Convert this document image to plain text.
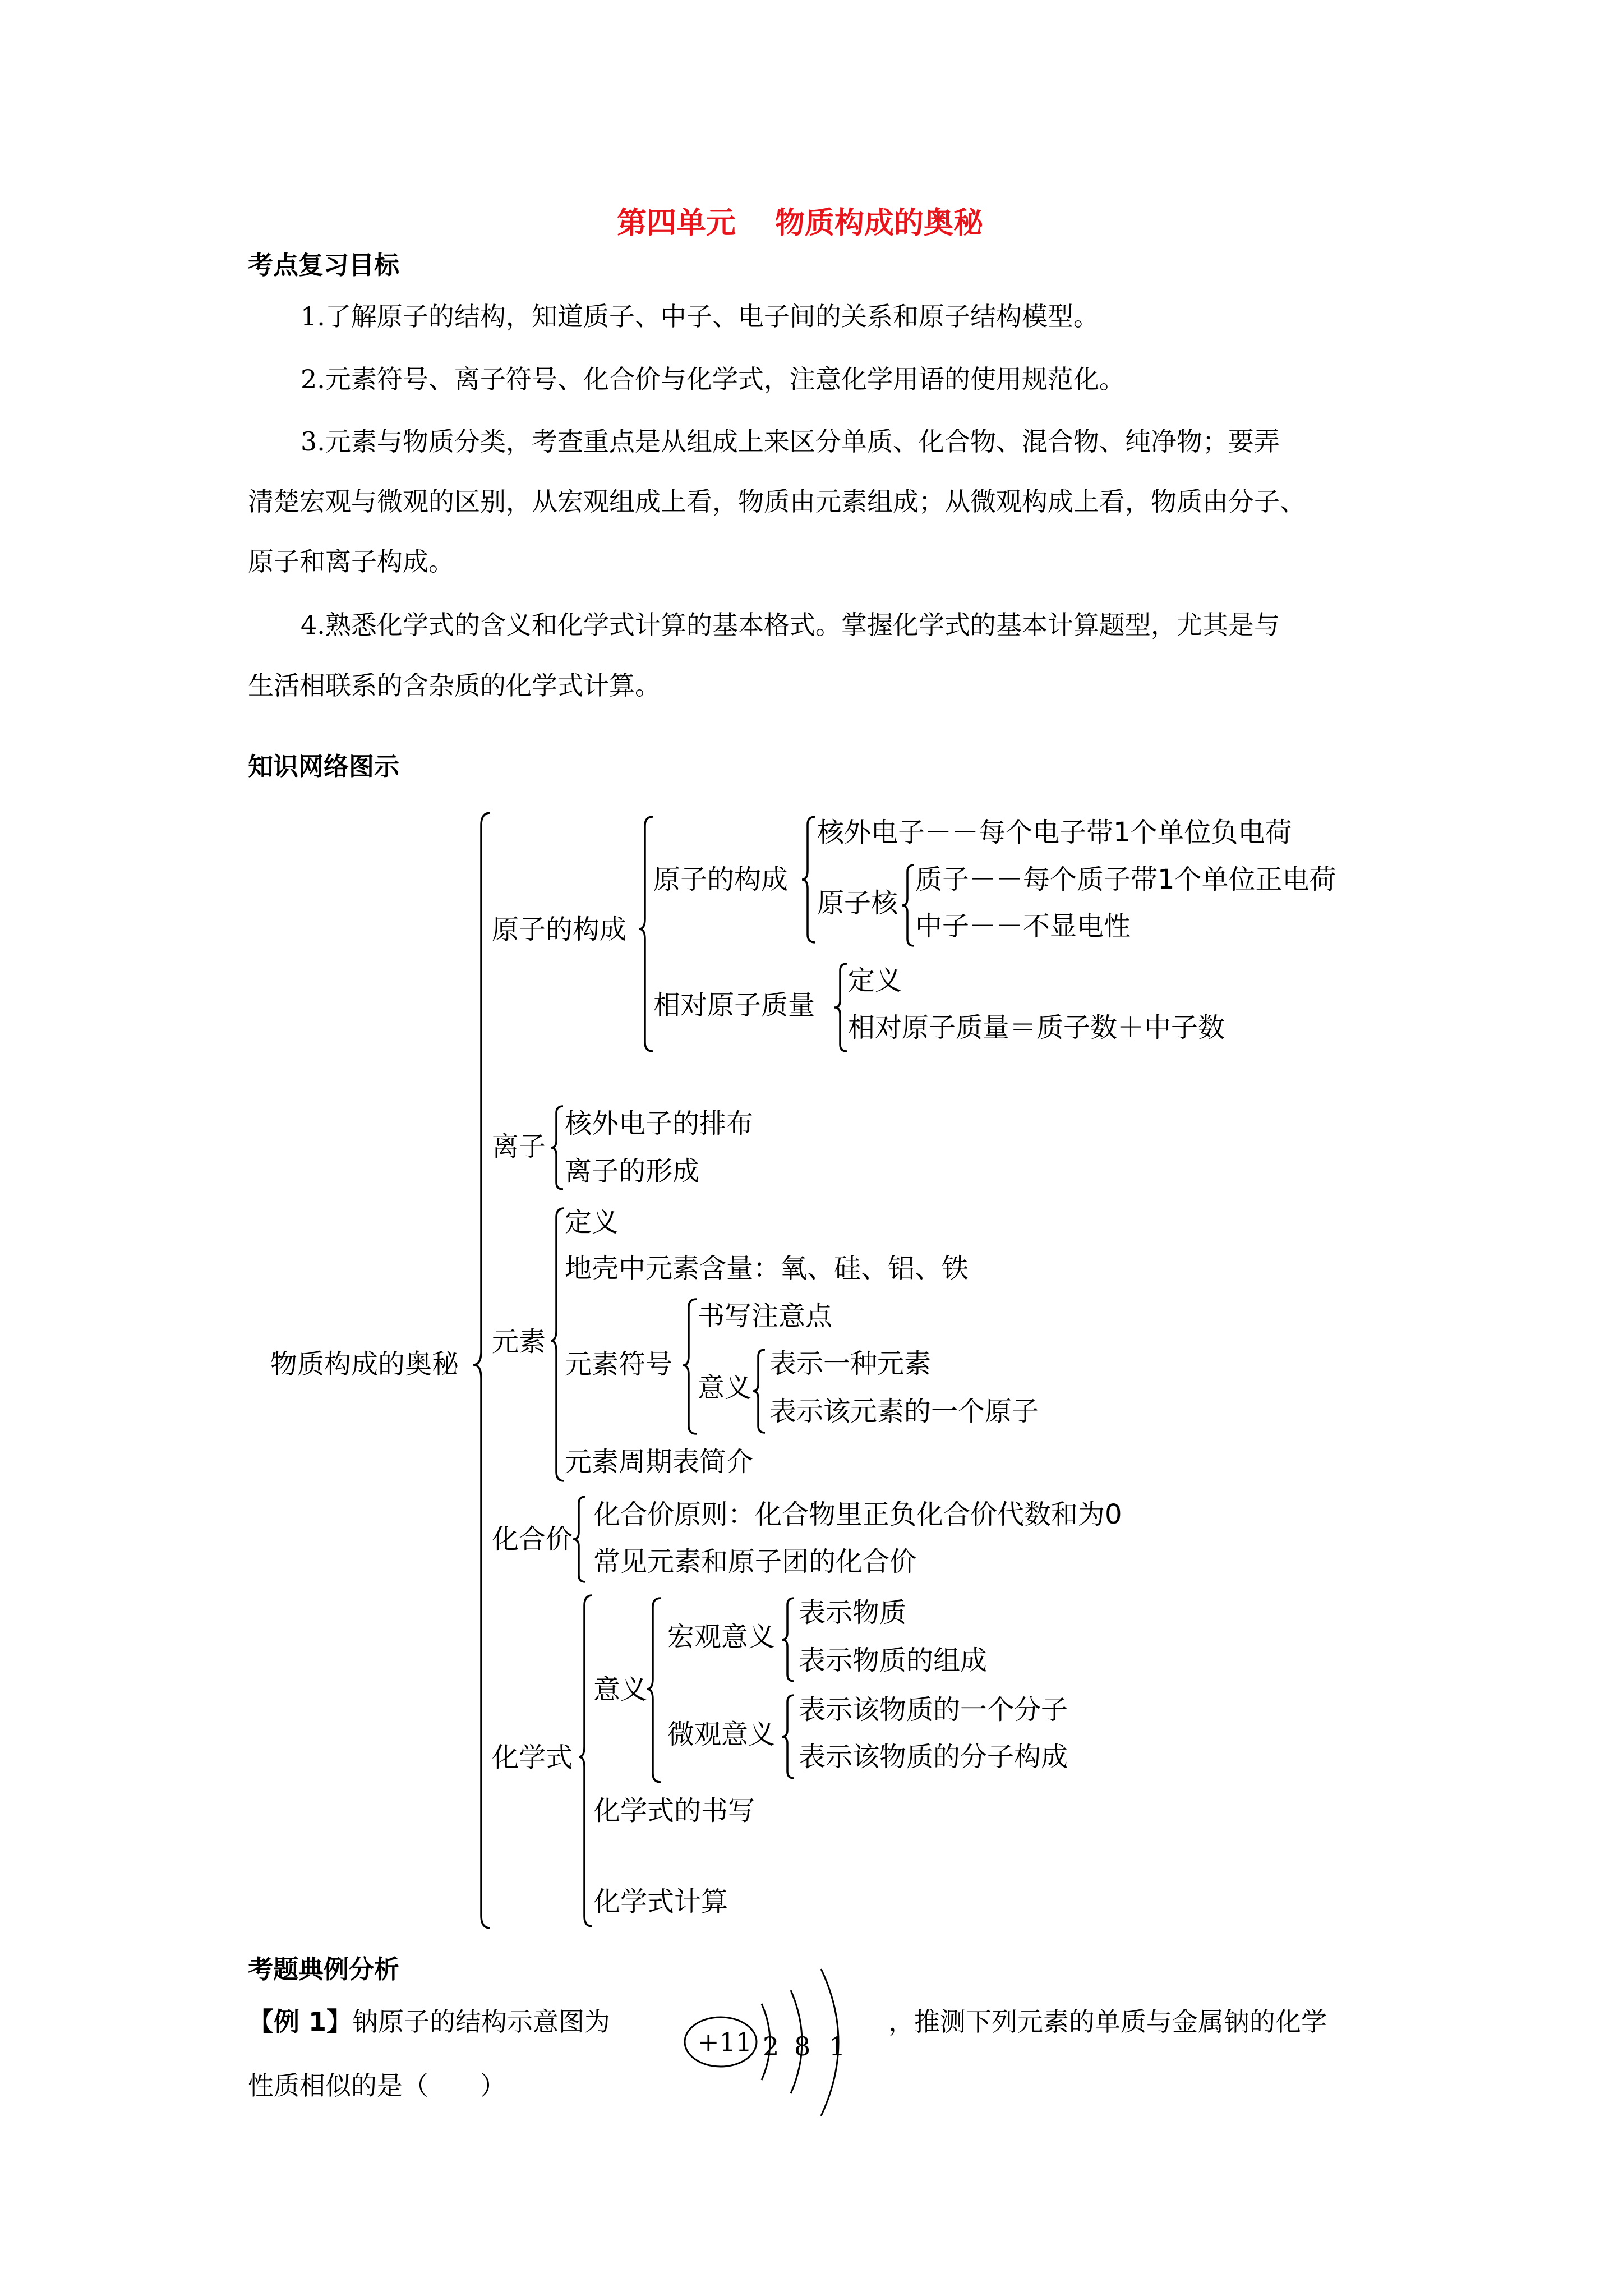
第四单元 物质构成的奥秘
考点复习目标
1.了解原子的结构，知道质子、中子、电子间的关系和原子结构模型。
2.元素符号、离子符号、化合价与化学式，注意化学用语的使用规范化。
3.元素与物质分类，考查重点是从组成上来区分单质、化合物、混合物、纯净物；要弄
清楚宏观与微观的区别，从宏观组成上看，物质由元素组成；从微观构成上看，物质由分子、
原子和离子构成。
4.熟悉化学式的含义和化学式计算的基本格式。掌握化学式的基本计算题型，尤其是与
生活相联系的含杂质的化学式计算。
知识网络图示
物质构成的奥秘
原子的构成
原子的构成
核外电子－－每个电子带1个单位负电荷
原子核
质子－－每个质子带1个单位正电荷
中子－－不显电性
相对原子质量
定义
相对原子质量＝质子数＋中子数
离子
核外电子的排布
离子的形成
元素
定义
地壳中元素含量：氧、硅、铝、铁
元素符号
书写注意点
意义
表示一种元素
表示该元素的一个原子
元素周期表简介
化合价
化合价原则：化合物里正负化合价代数和为0
常见元素和原子团的化合价
化学式
意义
宏观意义
表示物质
表示物质的组成
微观意义
表示该物质的一个分子
表示该物质的分子构成
化学式的书写
化学式计算
考题典例分析
【例 1】钠原子的结构示意图为	，推测下列元素的单质与金属钠的化学
性质相似的是（　　）
+11 2 8 1
